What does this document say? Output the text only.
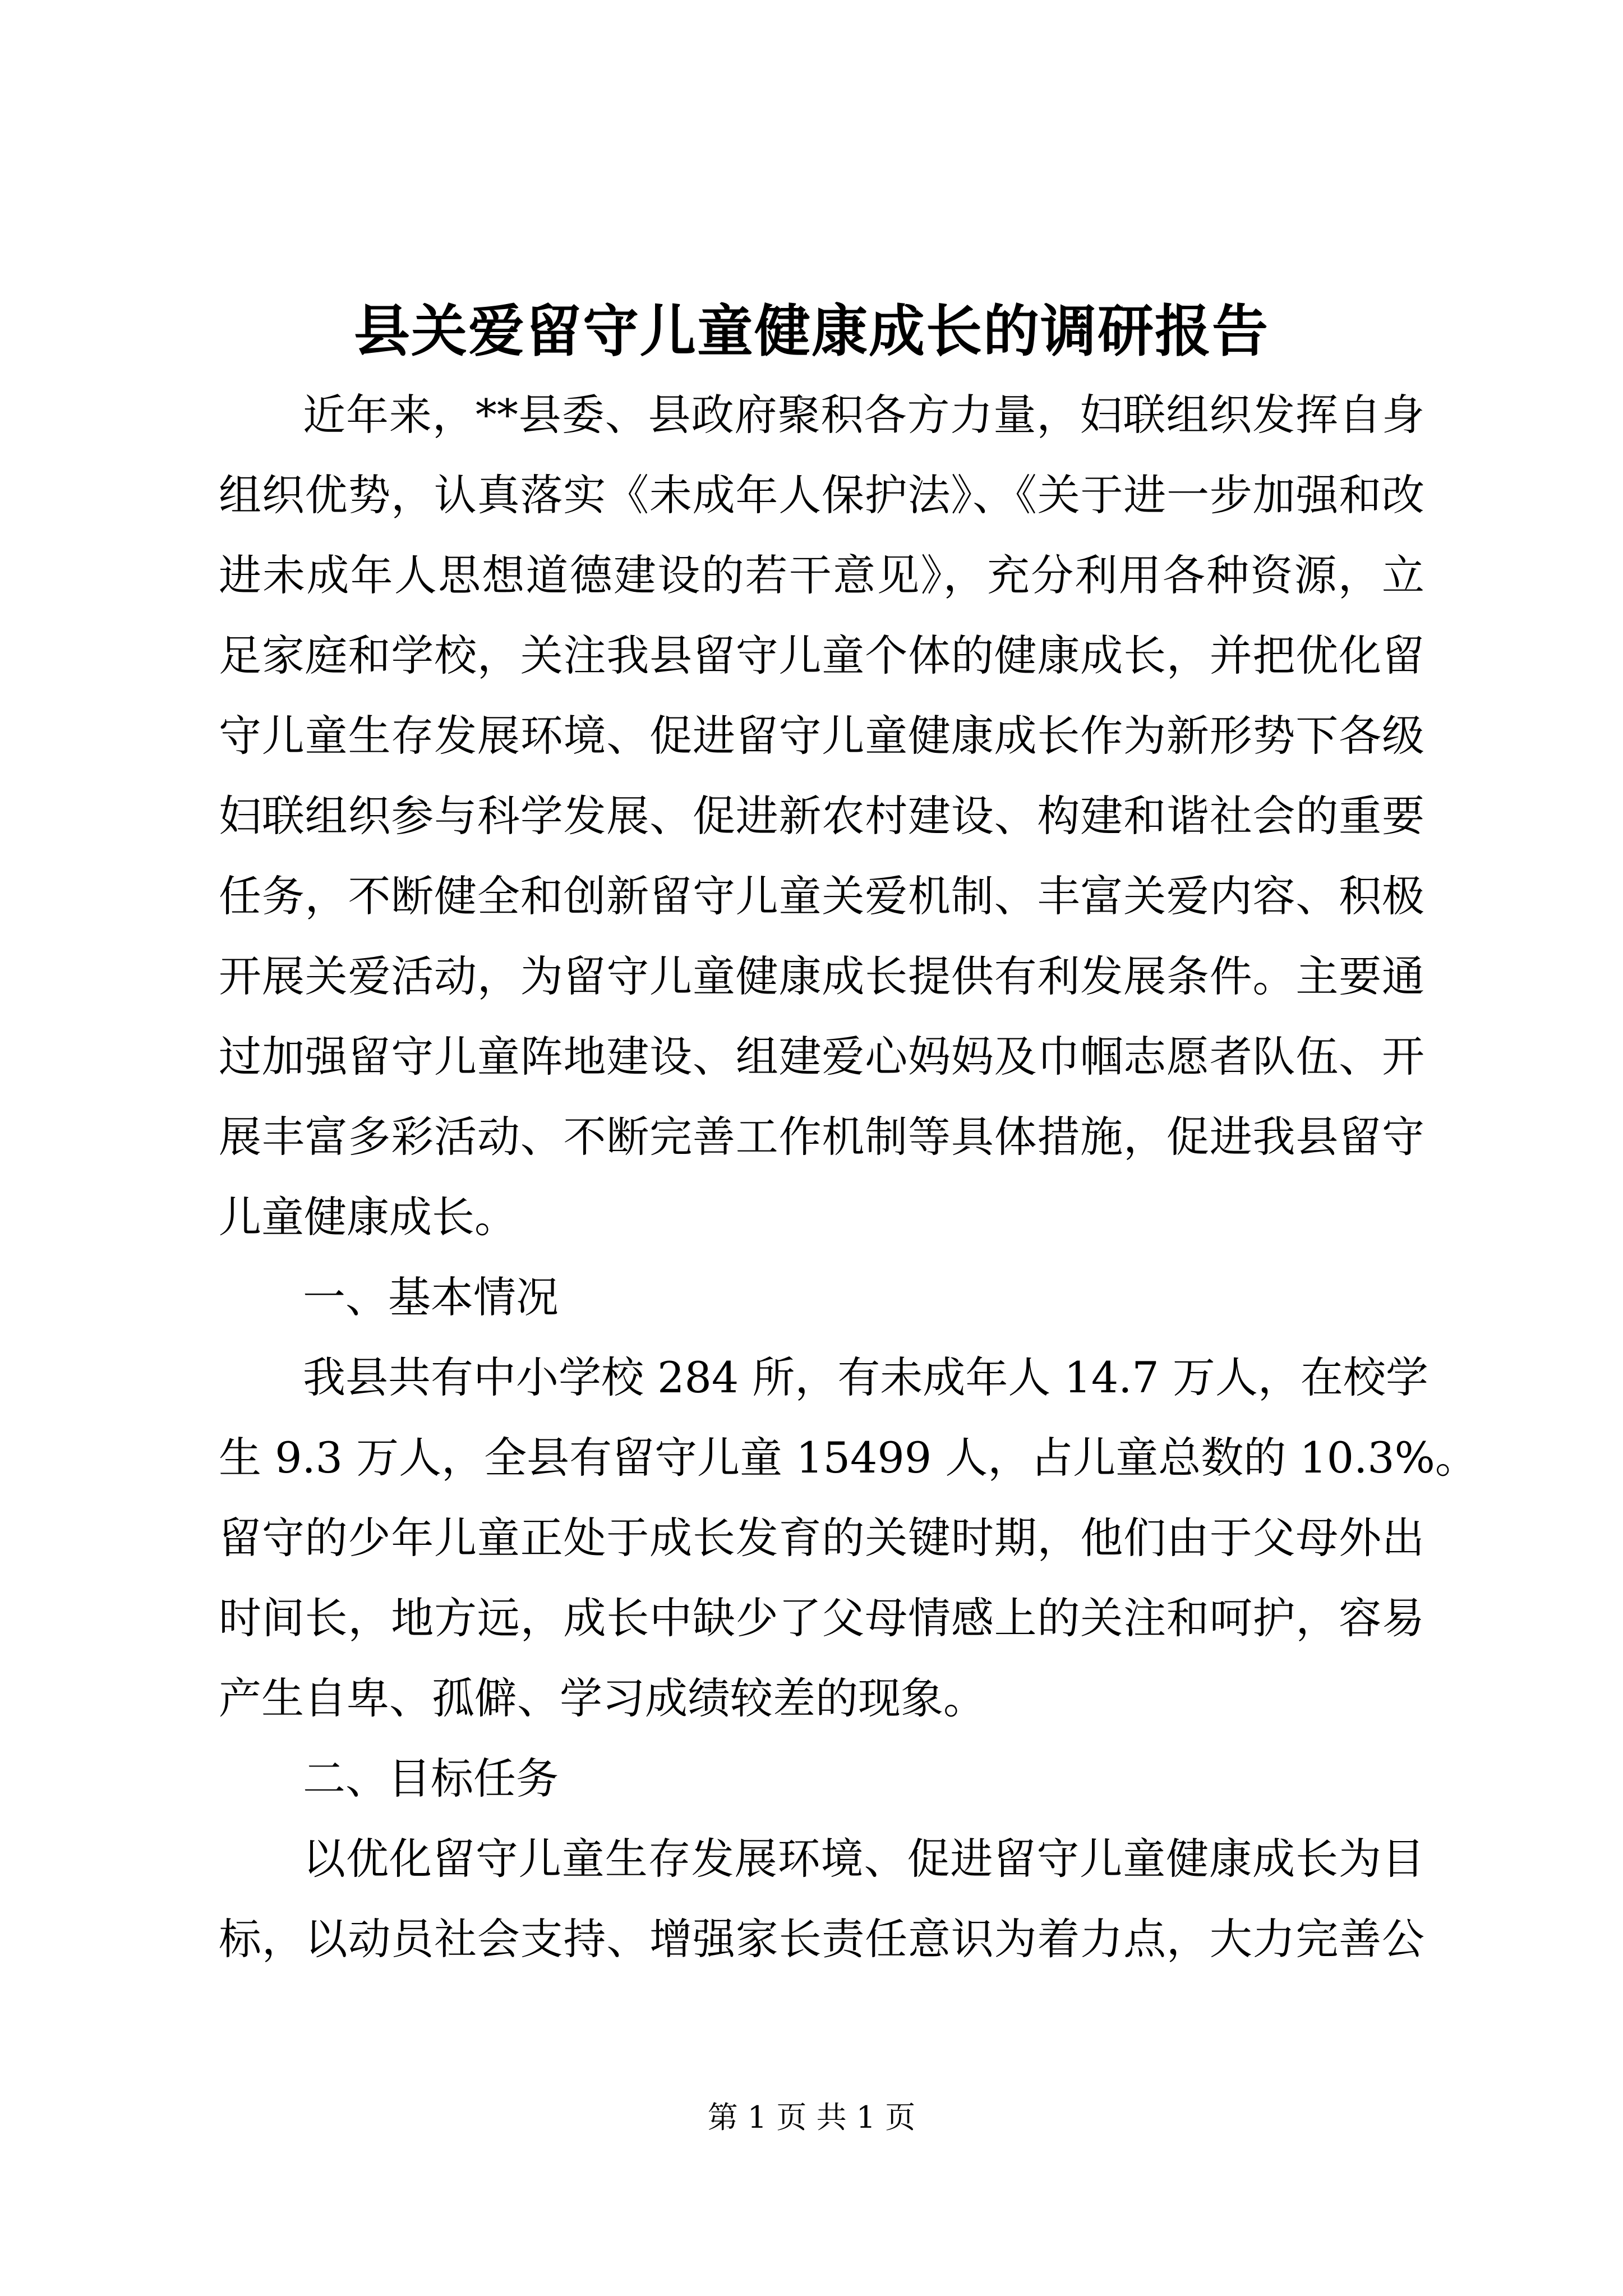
县关爱留守儿童健康成长的调研报告
近年来，**县委、县政府聚积各方力量，妇联组织发挥自身
组织优势，认真落实《未成年人保护法》、《关于进一步加强和改
进未成年人思想道德建设的若干意见》，充分利用各种资源，立
足家庭和学校，关注我县留守儿童个体的健康成长，并把优化留
守儿童生存发展环境、促进留守儿童健康成长作为新形势下各级
妇联组织参与科学发展、促进新农村建设、构建和谐社会的重要
任务，不断健全和创新留守儿童关爱机制、丰富关爱内容、积极
开展关爱活动，为留守儿童健康成长提供有利发展条件。主要通
过加强留守儿童阵地建设、组建爱心妈妈及巾帼志愿者队伍、开
展丰富多彩活动、不断完善工作机制等具体措施，促进我县留守
儿童健康成长。
一、基本情况
我县共有中小学校 284 所，有未成年人 14.7 万人，在校学
生 9.3 万人，全县有留守儿童 15499 人，占儿童总数的 10.3%。
留守的少年儿童正处于成长发育的关键时期，他们由于父母外出
时间长，地方远，成长中缺少了父母情感上的关注和呵护，容易
产生自卑、孤僻、学习成绩较差的现象。
二、目标任务
以优化留守儿童生存发展环境、促进留守儿童健康成长为目
标，以动员社会支持、增强家长责任意识为着力点，大力完善公
第 1 页 共 1 页
